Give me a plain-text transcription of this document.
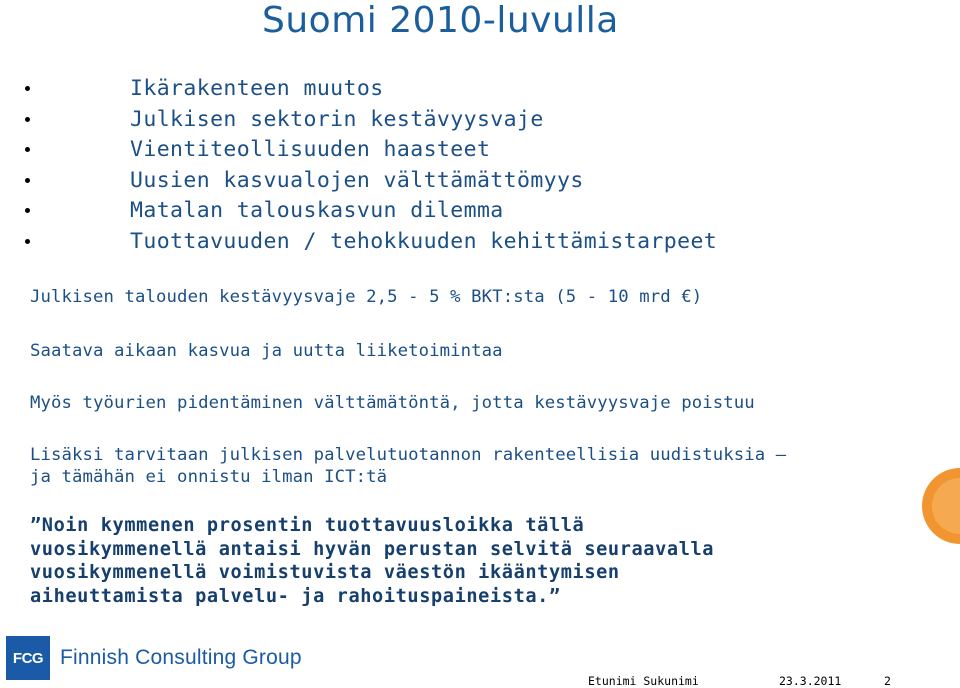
Suomi 2010-luvulla
Ikärakenteen muutos
Julkisen sektorin kestävyysvaje
Vientiteollisuuden haasteet
Uusien kasvualojen välttämättömyys
Matalan talouskasvun dilemma
Tuottavuuden / tehokkuuden kehittämistarpeet
Julkisen talouden kestävyysvaje 2,5 - 5 % BKT:sta (5 - 10 mrd €)
Saatava aikaan kasvua ja uutta liiketoimintaa
Myös työurien pidentäminen välttämätöntä, jotta kestävyysvaje poistuu
Lisäksi tarvitaan julkisen palvelutuotannon rakenteellisia uudistuksia –
ja tämähän ei onnistu ilman ICT:tä
”Noin kymmenen prosentin tuottavuusloikka tällä
vuosikymmenellä antaisi hyvän perustan selvitä seuraavalla
vuosikymmenellä voimistuvista väestön ikääntymisen
aiheuttamista palvelu- ja rahoituspaineista.”
FCG Finnish Consulting Group
Etunimi Sukunimi	23.3.2011	2
